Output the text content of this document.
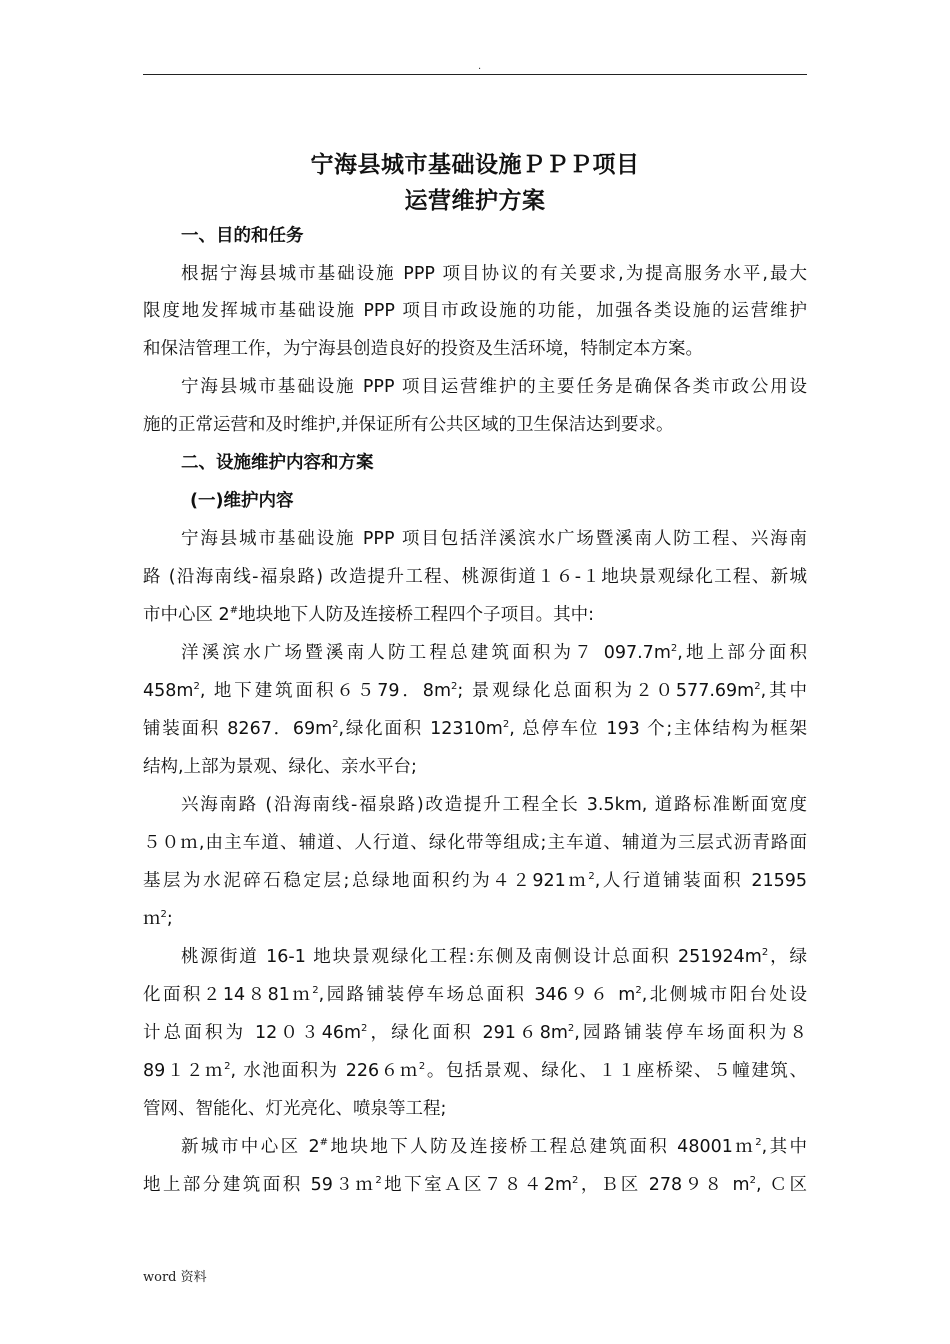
.
宁海县城市基础设施ＰＰＰ项目
运营维护方案
一、目的和任务
根据宁海县城市基础设施 PPP 项目协议的有关要求,为提高服务水平,最大
限度地发挥城市基础设施 PPP 项目市政设施的功能，加强各类设施的运营维护
和保洁管理工作，为宁海县创造良好的投资及生活环境，特制定本方案。
宁海县城市基础设施 PPP 项目运营维护的主要任务是确保各类市政公用设
施的正常运营和及时维护,并保证所有公共区域的卫生保洁达到要求。
二、设施维护内容和方案
(一)维护内容
宁海县城市基础设施 PPP 项目包括洋溪滨水广场暨溪南人防工程、兴海南
路 (沿海南线-福泉路) 改造提升工程、桃源街道１６-１地块景观绿化工程、新城
市中心区 2#地块地下人防及连接桥工程四个子项目。其中:
洋溪滨水广场暨溪南人防工程总建筑面积为７ $097.7m^2$,地上部分面积
$458m^2$, 地下建筑面积６５79．$8m^2$; 景观绿化总面积为$20577.69m^2$,其中
铺装面积 8267．$69m^2$,绿化面积 $12310m^2$, 总停车位 193 个;主体结构为框架
结构,上部为景观、绿化、亲水平台;
兴海南路 (沿海南线-福泉路)改造提升工程全长 3.5km, 道路标准断面宽度
５０ｍ,由主车道、辅道、人行道、绿化带等组成;主车道、辅道为三层式沥青路面
基层为水泥碎石稳定层;总绿地面积约为４２921ｍ$^2$,人行道铺装面积 21595
ｍ$^2$;
桃源街道 16-1 地块景观绿化工程:东侧及南侧设计总面积 $251924m^2$，绿
化面积２14８81ｍ$^2$,园路铺装停车场总面积 346９６ $m^2$,北侧城市阳台处设
计总面积为 $120346m^2$，绿化面积 $29168m^2$,园路铺装停车场面积为８
89１２ｍ$^2$, 水池面积为 226６ｍ$^2$。包括景观、绿化、１１座桥梁、５幢建筑、
管网、智能化、灯光亮化、喷泉等工程;
新城市中心区 2#地块地下人防及连接桥工程总建筑面积 48001ｍ$^2$,其中
地上部分建筑面积 59３ｍ$^2$地下室Ａ区$7842m^2$，Ｂ区 278９８ $m^2$, Ｃ区
word 资料
